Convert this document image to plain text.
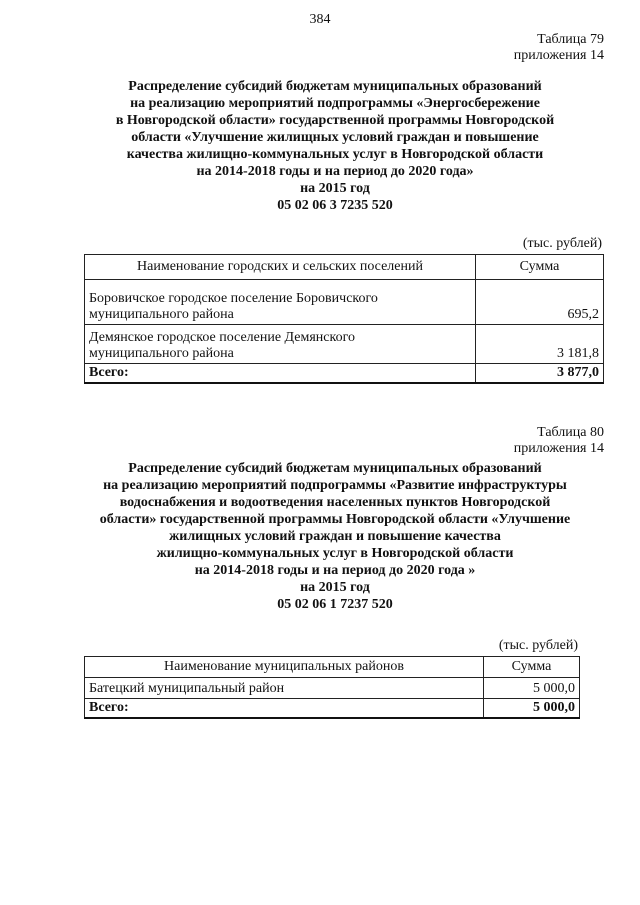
384
Таблица 79
приложения 14
Распределение субсидий бюджетам муниципальных образований
на реализацию мероприятий подпрограммы «Энергосбережение
в Новгородской области» государственной программы Новгородской
области «Улучшение жилищных условий граждан и повышение
качества жилищно-коммунальных услуг в Новгородской области
на 2014-2018 годы и на период до 2020 года»
на 2015 год
05 02 06 3 7235 520
(тыс. рублей)
Наименование городских и сельских поселений	Сумма

Боровичское городское поселение Боровичского
муниципального района	695,2

Демянское городское поселение Демянского
муниципального района	3 181,8
Всего:	3 877,0
Таблица 80
приложения 14
Распределение субсидий бюджетам муниципальных образований
на реализацию мероприятий подпрограммы «Развитие инфраструктуры
водоснабжения и водоотведения населенных пунктов Новгородской
области» государственной программы Новгородской области «Улучшение
жилищных условий граждан и повышение качества
жилищно-коммунальных услуг в Новгородской области
на 2014-2018 годы и на период до 2020 года »
на 2015 год
05 02 06 1 7237 520
(тыс. рублей)
Наименование муниципальных районов	Сумма
Батецкий муниципальный район	5 000,0
Всего:	5 000,0
